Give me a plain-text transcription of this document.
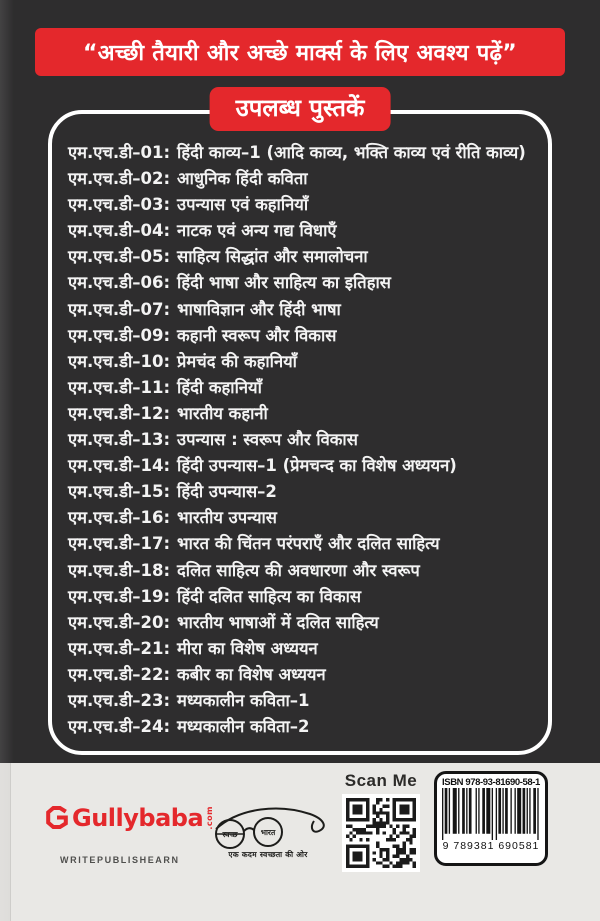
“अच्छी तैयारी और अच्छे मार्क्स के लिए अवश्य पढ़ें”
उपलब्ध पुस्तकें
एम.एच.डी–01: हिंदी काव्य–1 (आदि काव्य, भक्ति काव्य एवं रीति काव्य)
एम.एच.डी–02: आधुनिक हिंदी कविता
एम.एच.डी–03: उपन्यास एवं कहानियाँ
एम.एच.डी–04: नाटक एवं अन्य गद्य विधाएँ
एम.एच.डी–05: साहित्य सिद्धांत और समालोचना
एम.एच.डी–06: हिंदी भाषा और साहित्य का इतिहास
एम.एच.डी–07: भाषाविज्ञान और हिंदी भाषा
एम.एच.डी–09: कहानी स्वरूप और विकास
एम.एच.डी–10: प्रेमचंद की कहानियाँ
एम.एच.डी–11: हिंदी कहानियाँ
एम.एच.डी–12: भारतीय कहानी
एम.एच.डी–13: उपन्यास : स्वरूप और विकास
एम.एच.डी–14: हिंदी उपन्यास–1 (प्रेमचन्द का विशेष अध्ययन)
एम.एच.डी–15: हिंदी उपन्यास–2
एम.एच.डी–16: भारतीय उपन्यास
एम.एच.डी–17: भारत की चिंतन परंपराएँ और दलित साहित्य
एम.एच.डी–18: दलित साहित्य की अवधारणा और स्वरूप
एम.एच.डी–19: हिंदी दलित साहित्य का विकास
एम.एच.डी–20: भारतीय भाषाओं में दलित साहित्य
एम.एच.डी–21: मीरा का विशेष अध्ययन
एम.एच.डी–22: कबीर का विशेष अध्ययन
एम.एच.डी–23: मध्यकालीन कविता–1
एम.एच.डी–24: मध्यकालीन कविता–2
Gullybaba .com
WRITE PUBLISH EARN
स्वच्छ	भारत
एक कदम स्वच्छता की ओर
Scan Me	ISBN 978-93-81690-58-1
9 789381 690581
